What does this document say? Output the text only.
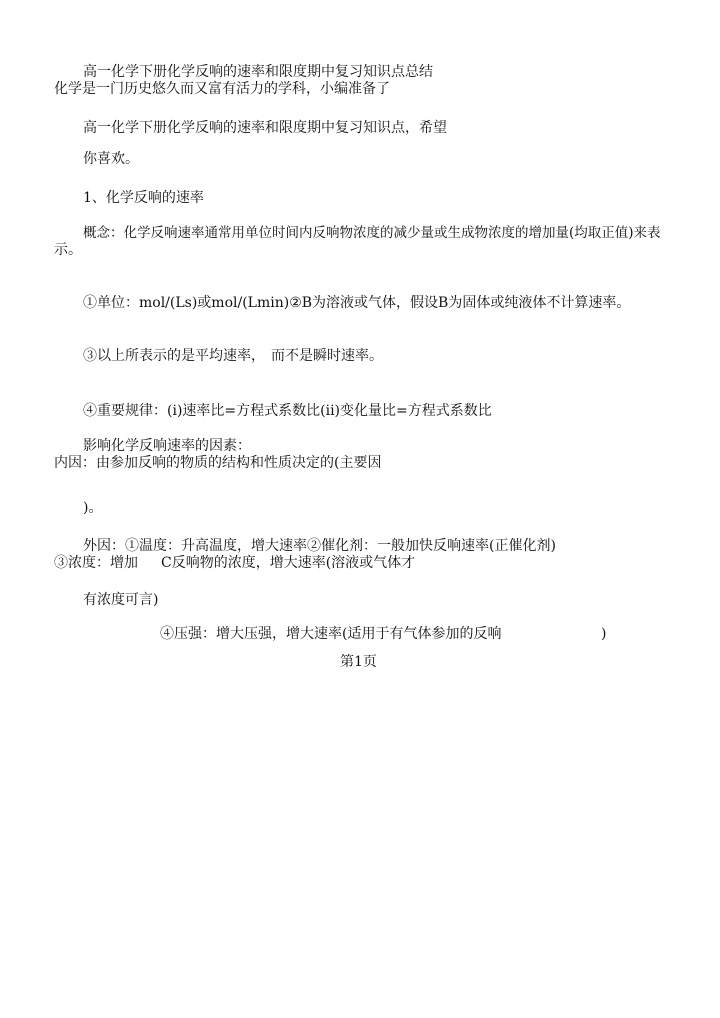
高一化学下册化学反响的速率和限度期中复习知识点总结
化学是一门历史悠久而又富有活力的学科，小编准备了
高一化学下册化学反响的速率和限度期中复习知识点，希望
你喜欢。
1、化学反响的速率
概念：化学反响速率通常用单位时间内反响物浓度的减少量或生成物浓度的增加量(均取正值)来表
示。
①单位：mol/(Ls)或mol/(Lmin)②B为溶液或气体，假设B为固体或纯液体不计算速率。
③以上所表示的是平均速率， 而不是瞬时速率。
④重要规律：(i)速率比=方程式系数比(ii)变化量比=方程式系数比
影响化学反响速率的因素：
内因：由参加反响的物质的结构和性质决定的(主要因
)。
外因：①温度：升高温度，增大速率②催化剂：一般加快反响速率(正催化剂)
③浓度：增加 C反响物的浓度，增大速率(溶液或气体才
有浓度可言)
④压强：增大压强，增大速率(适用于有气体参加的反响	)
第1页
